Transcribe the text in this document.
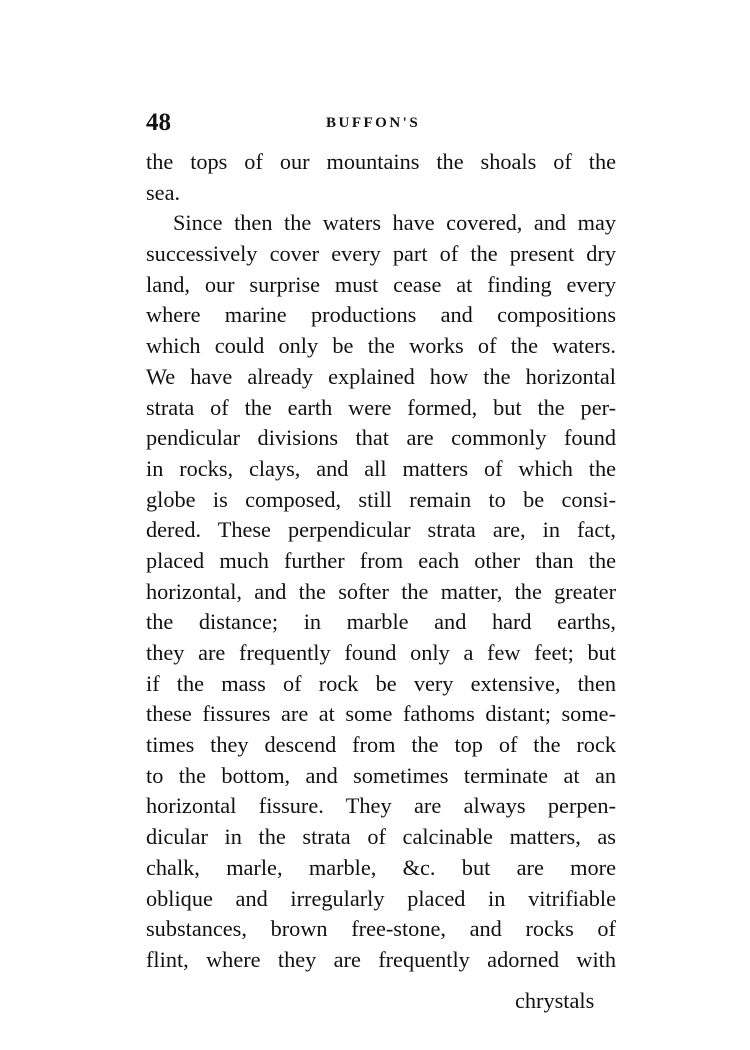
48	BUFFON'S
the tops of our mountains the shoals of the
sea.
Since then the waters have covered, and may
successively cover every part of the present dry
land, our surprise must cease at finding every
where marine productions and compositions
which could only be the works of the waters.
We have already explained how the horizontal
strata of the earth were formed, but the per-
pendicular divisions that are commonly found
in rocks, clays, and all matters of which the
globe is composed, still remain to be consi-
dered. These perpendicular strata are, in fact,
placed much further from each other than the
horizontal, and the softer the matter, the greater
the distance; in marble and hard earths,
they are frequently found only a few feet; but
if the mass of rock be very extensive, then
these fissures are at some fathoms distant; some-
times they descend from the top of the rock
to the bottom, and sometimes terminate at an
horizontal fissure. They are always perpen-
dicular in the strata of calcinable matters, as
chalk, marle, marble, &c. but are more
oblique and irregularly placed in vitrifiable
substances, brown free-stone, and rocks of
flint, where they are frequently adorned with
chrystals
